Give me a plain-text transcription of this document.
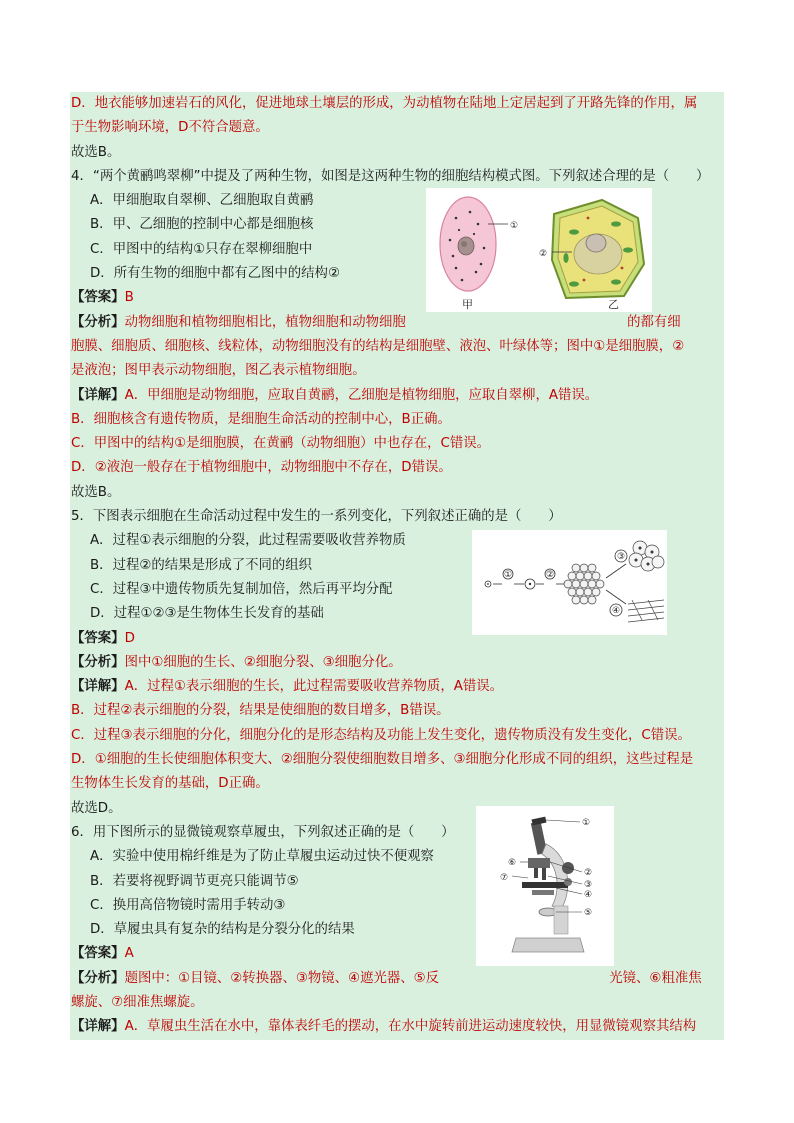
D．地衣能够加速岩石的风化，促进地球土壤层的形成，为动植物在陆地上定居起到了开路先锋的作用，属
于生物影响环境，D不符合题意。
故选B。
4．“两个黄鹂鸣翠柳”中提及了两种生物，如图是这两种生物的细胞结构模式图。下列叙述合理的是（　　）
A．甲细胞取自翠柳、乙细胞取自黄鹂
B．甲、乙细胞的控制中心都是细胞核
C．甲图中的结构①只存在翠柳细胞中
D．所有生物的细胞中都有乙图中的结构②
【答案】B
【分析】动物细胞和植物细胞相比，植物细胞和动物细胞                                                    的都有细
胞膜、细胞质、细胞核、线粒体，动物细胞没有的结构是细胞壁、液泡、叶绿体等；图中①是细胞膜，②
是液泡；图甲表示动物细胞，图乙表示植物细胞。
【详解】A．甲细胞是动物细胞，应取自黄鹂，乙细胞是植物细胞，应取自翠柳，A错误。
B．细胞核含有遗传物质，是细胞生命活动的控制中心，B正确。
C．甲图中的结构①是细胞膜，在黄鹂（动物细胞）中也存在，C错误。
D．②液泡一般存在于植物细胞中，动物细胞中不存在，D错误。
故选B。
5．下图表示细胞在生命活动过程中发生的一系列变化，下列叙述正确的是（　　）
A．过程①表示细胞的分裂，此过程需要吸收营养物质
B．过程②的结果是形成了不同的组织
C．过程③中遗传物质先复制加倍，然后再平均分配
D．过程①②③是生物体生长发育的基础
【答案】D
【分析】图中①细胞的生长、②细胞分裂、③细胞分化。
【详解】A．过程①表示细胞的生长，此过程需要吸收营养物质，A错误。
B．过程②表示细胞的分裂，结果是使细胞的数目增多，B错误。
C．过程③表示细胞的分化，细胞分化的是形态结构及功能上发生变化，遗传物质没有发生变化，C错误。
D．①细胞的生长使细胞体积变大、②细胞分裂使细胞数目增多、③细胞分化形成不同的组织，这些过程是
生物体生长发育的基础，D正确。
故选D。
6．用下图所示的显微镜观察草履虫，下列叙述正确的是（　　）
A．实验中使用棉纤维是为了防止草履虫运动过快不便观察
B．若要将视野调节更亮只能调节⑤
C．换用高倍物镜时需用手转动③
D．草履虫具有复杂的结构是分裂分化的结果
【答案】A
【分析】题图中：①目镜、②转换器、③物镜、④遮光器、⑤反                                        光镜、⑥粗准焦
螺旋、⑦细准焦螺旋。
【详解】A．草履虫生活在水中，靠体表纤毛的摆动，在水中旋转前进运动速度较快，用显微镜观察其结构
①
甲
②
乙
①	②
③
④
①
②
③
④
⑤
⑥
⑦
